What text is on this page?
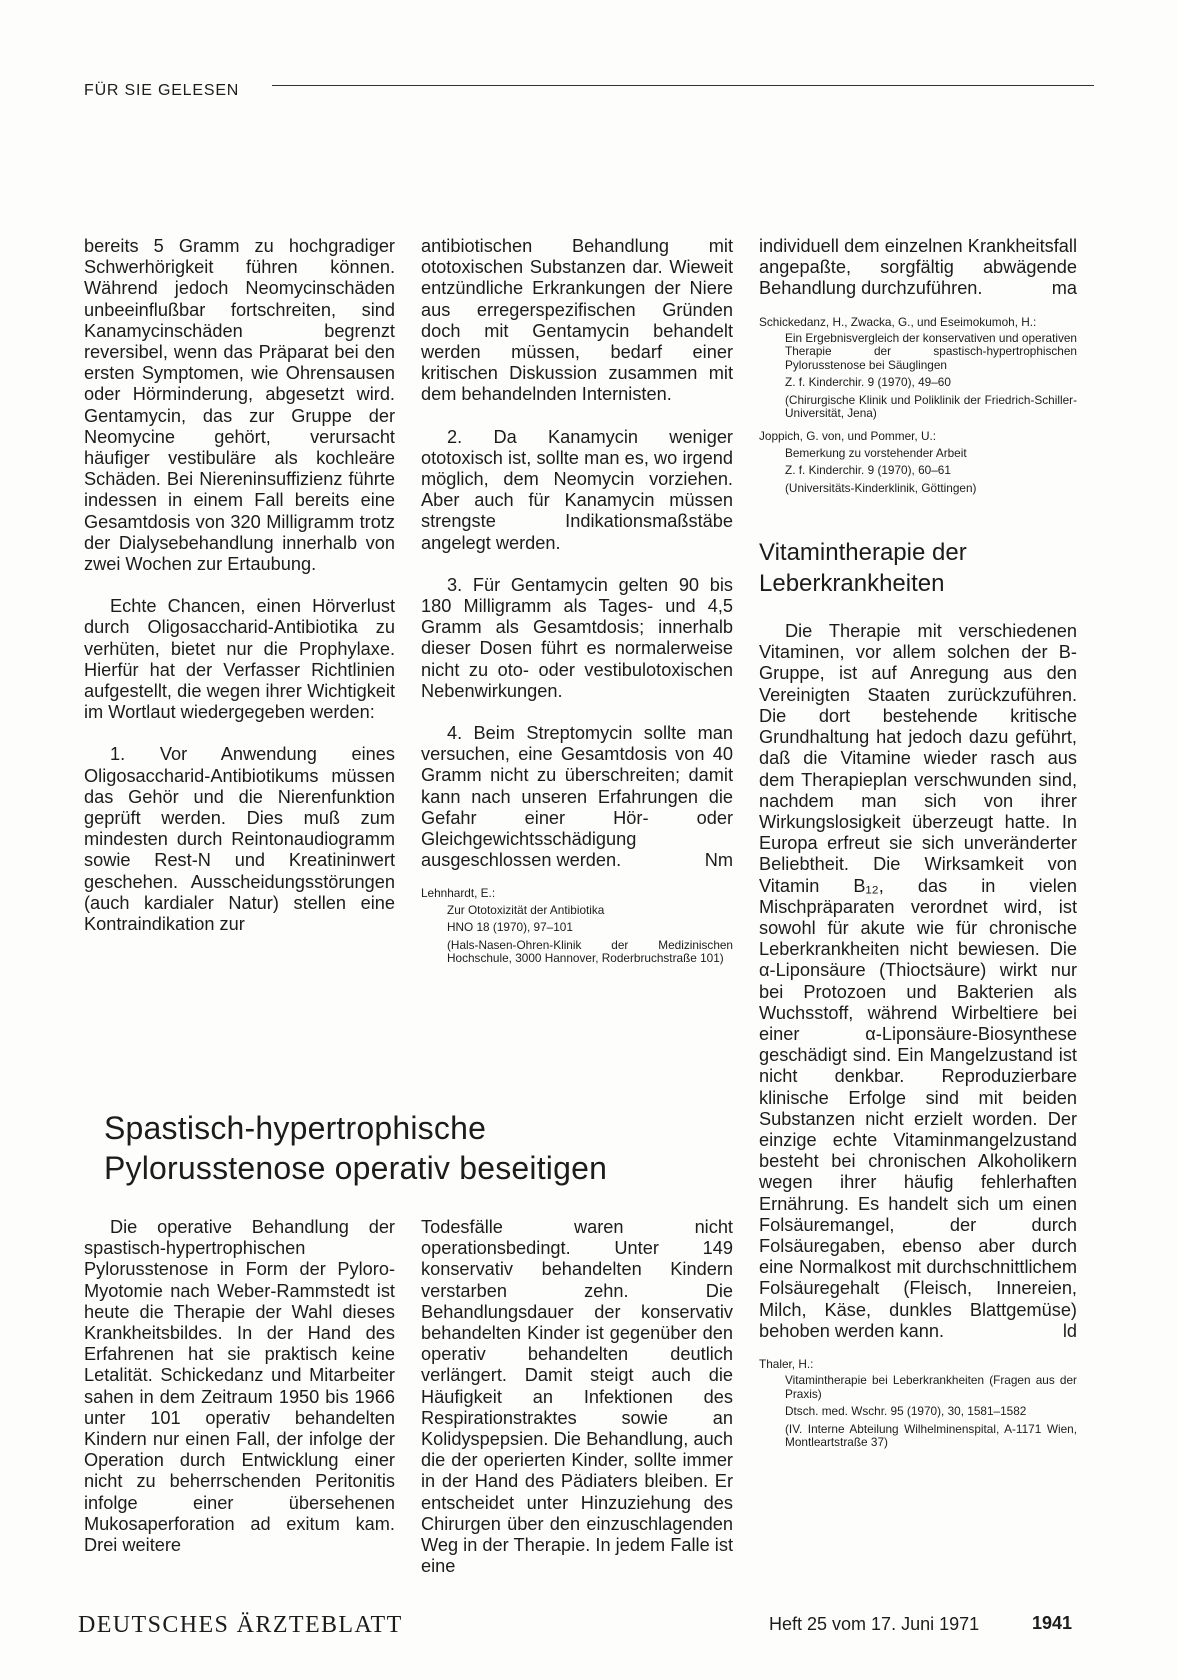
FÜR SIE GELESEN

bereits 5 Gramm zu hochgradiger Schwerhörigkeit führen können. Während jedoch Neomycinschäden unbeeinflußbar fortschreiten, sind Kanamycinschäden begrenzt reversibel, wenn das Präparat bei den ersten Symptomen, wie Ohrensausen oder Hörminderung, abgesetzt wird. Gentamycin, das zur Gruppe der Neomycine gehört, verursacht häufiger vestibuläre als kochleäre Schäden. Bei Niereninsuffizienz führte indessen in einem Fall bereits eine Gesamtdosis von 320 Milligramm trotz der Dialysebehandlung innerhalb von zwei Wochen zur Ertaubung.

Echte Chancen, einen Hörverlust durch Oligosaccharid-Antibiotika zu verhüten, bietet nur die Prophylaxe. Hierfür hat der Verfasser Richtlinien aufgestellt, die wegen ihrer Wichtigkeit im Wortlaut wiedergegeben werden:

1. Vor Anwendung eines Oligosaccharid-Antibiotikums müssen das Gehör und die Nierenfunktion geprüft werden. Dies muß zum mindesten durch Reintonaudiogramm sowie Rest-N und Kreatininwert geschehen. Ausscheidungsstörungen (auch kardialer Natur) stellen eine Kontraindikation zur

antibiotischen Behandlung mit ototoxischen Substanzen dar. Wieweit entzündliche Erkrankungen der Niere aus erregerspezifischen Gründen doch mit Gentamycin behandelt werden müssen, bedarf einer kritischen Diskussion zusammen mit dem behandelnden Internisten.

2. Da Kanamycin weniger ototoxisch ist, sollte man es, wo irgend möglich, dem Neomycin vorziehen. Aber auch für Kanamycin müssen strengste Indikationsmaßstäbe angelegt werden.

3. Für Gentamycin gelten 90 bis 180 Milligramm als Tages- und 4,5 Gramm als Gesamtdosis; innerhalb dieser Dosen führt es normalerweise nicht zu oto- oder vestibulotoxischen Nebenwirkungen.

4. Beim Streptomycin sollte man versuchen, eine Gesamtdosis von 40 Gramm nicht zu überschreiten; damit kann nach unseren Erfahrungen die Gefahr einer Hör- oder Gleichgewichtsschädigung ausgeschlossen werden.	Nm

Lehnhardt, E.:
Zur Ototoxizität der Antibiotika
HNO 18 (1970), 97–101
(Hals-Nasen-Ohren-Klinik der Medizinischen Hochschule, 3000 Hannover, Roderbruchstraße 101)

individuell dem einzelnen Krankheitsfall angepaßte, sorgfältig abwägende Behandlung durchzuführen.	ma

Schickedanz, H., Zwacka, G., und Eseimokumoh, H.:
Ein Ergebnisvergleich der konservativen und operativen Therapie der spastisch-hypertrophischen Pylorusstenose bei Säuglingen
Z. f. Kinderchir. 9 (1970), 49–60
(Chirurgische Klinik und Poliklinik der Friedrich-Schiller-Universität, Jena)
Joppich, G. von, und Pommer, U.:
Bemerkung zu vorstehender Arbeit
Z. f. Kinderchir. 9 (1970), 60–61
(Universitäts-Kinderklinik, Göttingen)
Vitamintherapie der
Leberkrankheiten

Die Therapie mit verschiedenen Vitaminen, vor allem solchen der B-Gruppe, ist auf Anregung aus den Vereinigten Staaten zurückzuführen. Die dort bestehende kritische Grundhaltung hat jedoch dazu geführt, daß die Vitamine wieder rasch aus dem Therapieplan verschwunden sind, nachdem man sich von ihrer Wirkungslosigkeit überzeugt hatte. In Europa erfreut sie sich unveränderter Beliebtheit. Die Wirksamkeit von Vitamin B₁₂, das in vielen Mischpräparaten verordnet wird, ist sowohl für akute wie für chronische Leberkrankheiten nicht bewiesen. Die α-Liponsäure (Thioctsäure) wirkt nur bei Protozoen und Bakterien als Wuchsstoff, während Wirbeltiere bei einer α-Liponsäure-Biosynthese geschädigt sind. Ein Mangelzustand ist nicht denkbar. Reproduzierbare klinische Erfolge sind mit beiden Substanzen nicht erzielt worden. Der einzige echte Vitaminmangelzustand besteht bei chronischen Alkoholikern wegen ihrer häufig fehlerhaften Ernährung. Es handelt sich um einen Folsäuremangel, der durch Folsäuregaben, ebenso aber durch eine Normalkost mit durchschnittlichem Folsäuregehalt (Fleisch, Innereien, Milch, Käse, dunkles Blattgemüse) behoben werden kann.	ld

Thaler, H.:
Vitamintherapie bei Leberkrankheiten (Fragen aus der Praxis)
Dtsch. med. Wschr. 95 (1970), 30, 1581–1582
(IV. Interne Abteilung Wilhelminenspital, A-1171 Wien, Montleartstraße 37)
Spastisch-hypertrophische
Pylorusstenose operativ beseitigen

Die operative Behandlung der spastisch-hypertrophischen Pylorusstenose in Form der Pyloro-Myotomie nach Weber-Rammstedt ist heute die Therapie der Wahl dieses Krankheitsbildes. In der Hand des Erfahrenen hat sie praktisch keine Letalität. Schickedanz und Mitarbeiter sahen in dem Zeitraum 1950 bis 1966 unter 101 operativ behandelten Kindern nur einen Fall, der infolge der Operation durch Entwicklung einer nicht zu beherrschenden Peritonitis infolge einer übersehenen Mukosaperforation ad exitum kam. Drei weitere

Todesfälle waren nicht operationsbedingt. Unter 149 konservativ behandelten Kindern verstarben zehn. Die Behandlungsdauer der konservativ behandelten Kinder ist gegenüber den operativ behandelten deutlich verlängert. Damit steigt auch die Häufigkeit an Infektionen des Respirationstraktes sowie an Kolidyspepsien. Die Behandlung, auch die der operierten Kinder, sollte immer in der Hand des Pädiaters bleiben. Er entscheidet unter Hinzuziehung des Chirurgen über den einzuschlagenden Weg in der Therapie. In jedem Falle ist eine

DEUTSCHES ÄRZTEBLATT	Heft 25 vom 17. Juni 1971	1941
